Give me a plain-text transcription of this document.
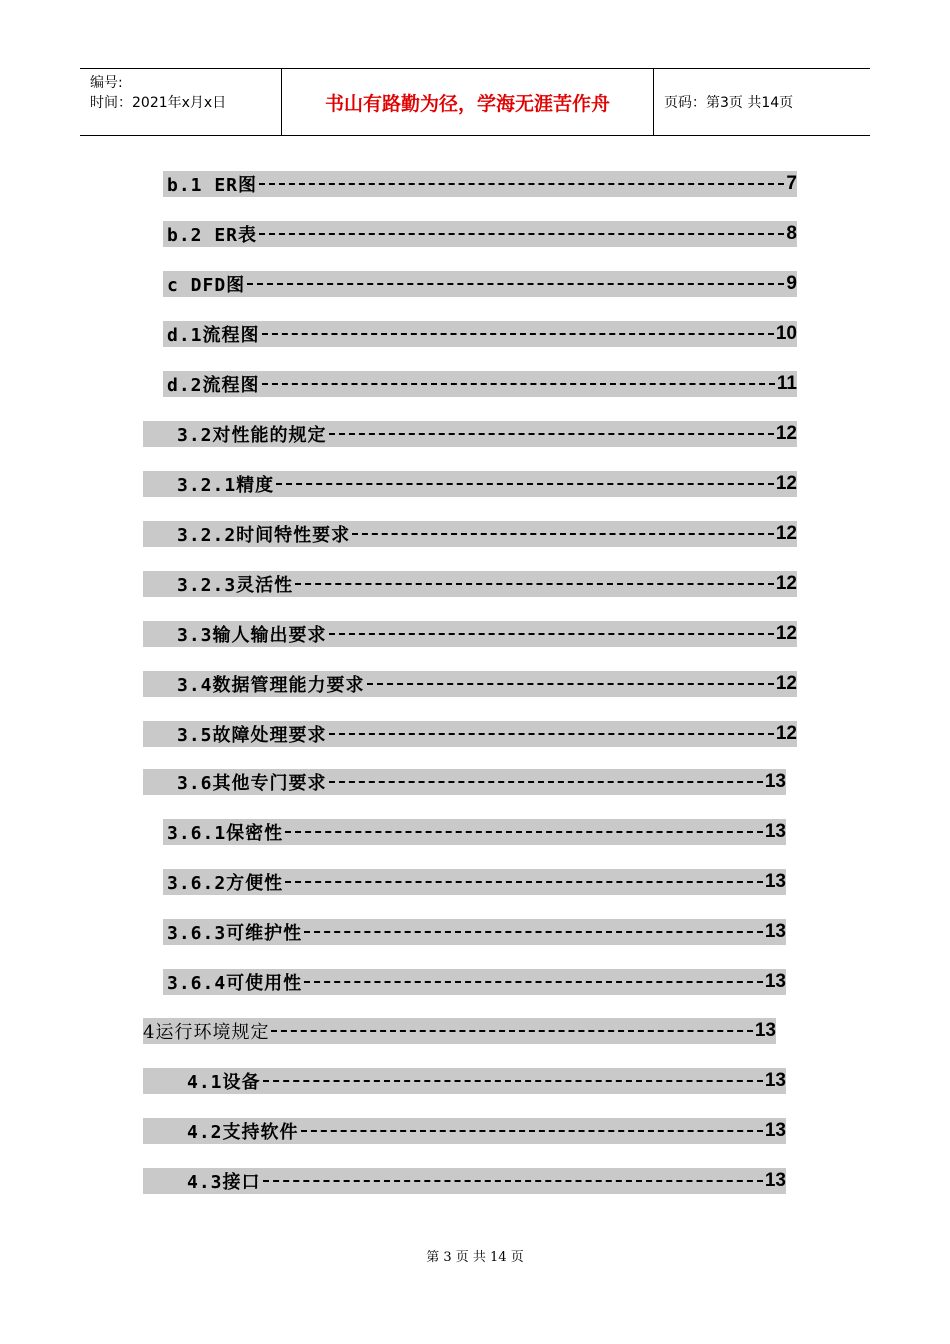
编号:
时间：2021年x月x日	书山有路勤为径，学海无涯苦作舟	页码：第3页 共14页
b.1 ER图	7
b.2 ER表	8
c DFD图	9
d.1流程图	10
d.2流程图	11
3.2对性能的规定	12
3.2.1精度	12
3.2.2时间特性要求	12
3.2.3灵活性	12
3.3输人输出要求	12
3.4数据管理能力要求	12
3.5故障处理要求	12
3.6其他专门要求	13
3.6.1保密性	13
3.6.2方便性	13
3.6.3可维护性	13
3.6.4可使用性	13
4运行环境规定	13
4.1设备	13
4.2支持软件	13
4.3接口	13
第 3 页 共 14 页
